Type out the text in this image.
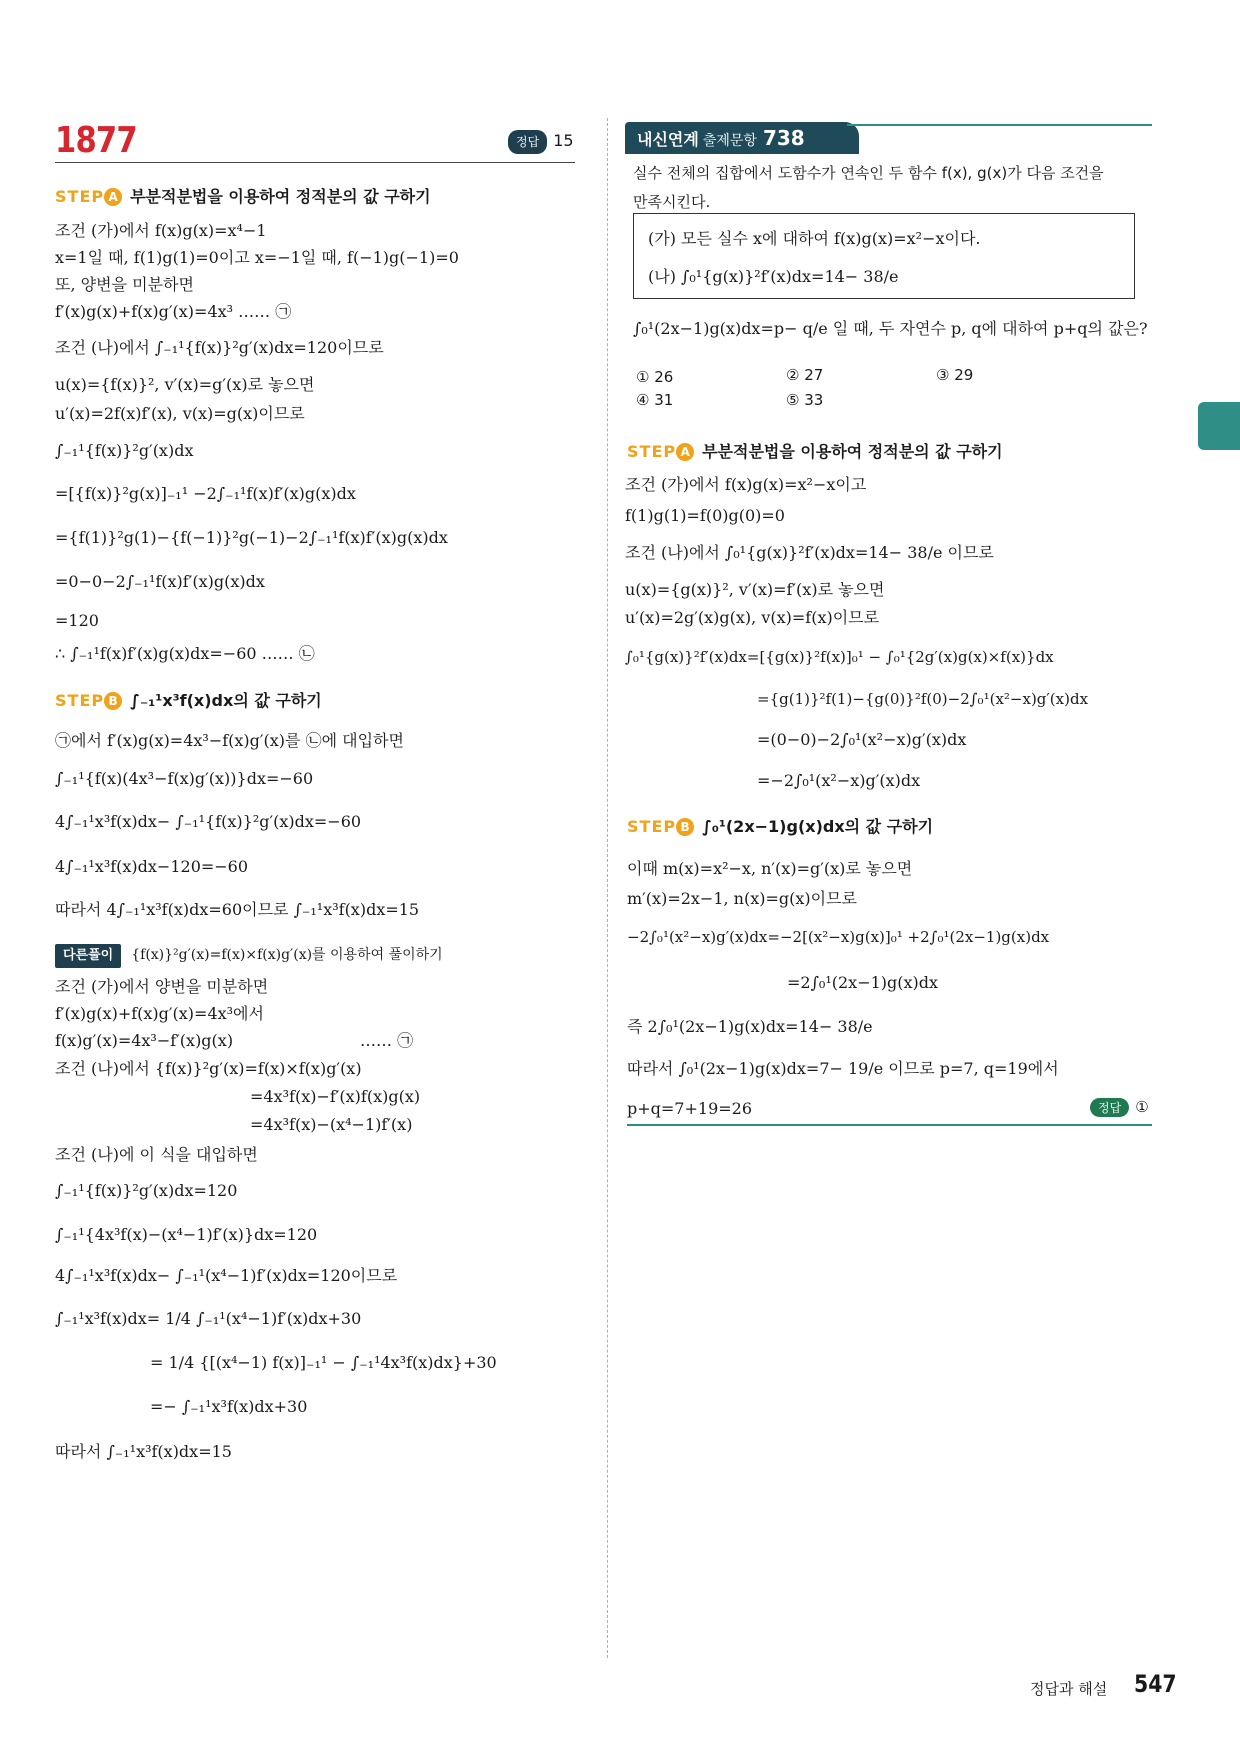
1877	정답 15
STEP A 부분적분법을 이용하여 정적분의 값 구하기
조건 (가)에서 f(x)g(x)=x⁴−1
x=1일 때, f(1)g(1)=0이고 x=−1일 때, f(−1)g(−1)=0
또, 양변을 미분하면
f′(x)g(x)+f(x)g′(x)=4x³ …… ㉠
조건 (나)에서 ∫₋₁¹{f(x)}²g′(x)dx=120이므로
u(x)={f(x)}², v′(x)=g′(x)로 놓으면
u′(x)=2f(x)f′(x), v(x)=g(x)이므로
∫₋₁¹{f(x)}²g′(x)dx
=[{f(x)}²g(x)]₋₁¹ −2∫₋₁¹f(x)f′(x)g(x)dx
={f(1)}²g(1)−{f(−1)}²g(−1)−2∫₋₁¹f(x)f′(x)g(x)dx
=0−0−2∫₋₁¹f(x)f′(x)g(x)dx
=120
∴ ∫₋₁¹f(x)f′(x)g(x)dx=−60 …… ㉡
STEP B ∫₋₁¹x³f(x)dx의 값 구하기
㉠에서 f′(x)g(x)=4x³−f(x)g′(x)를 ㉡에 대입하면
∫₋₁¹{f(x)(4x³−f(x)g′(x))}dx=−60
4∫₋₁¹x³f(x)dx− ∫₋₁¹{f(x)}²g′(x)dx=−60
4∫₋₁¹x³f(x)dx−120=−60
따라서 4∫₋₁¹x³f(x)dx=60이므로 ∫₋₁¹x³f(x)dx=15
다른풀이 {f(x)}²g′(x)=f(x)×f(x)g′(x)를 이용하여 풀이하기
조건 (가)에서 양변을 미분하면
f′(x)g(x)+f(x)g′(x)=4x³에서
f(x)g′(x)=4x³−f′(x)g(x)	…… ㉠
조건 (나)에서 {f(x)}²g′(x)=f(x)×f(x)g′(x)
=4x³f(x)−f′(x)f(x)g(x)
=4x³f(x)−(x⁴−1)f′(x)
조건 (나)에 이 식을 대입하면
∫₋₁¹{f(x)}²g′(x)dx=120
∫₋₁¹{4x³f(x)−(x⁴−1)f′(x)}dx=120
4∫₋₁¹x³f(x)dx− ∫₋₁¹(x⁴−1)f′(x)dx=120이므로
∫₋₁¹x³f(x)dx= 1/4 ∫₋₁¹(x⁴−1)f′(x)dx+30
= 1/4 {[(x⁴−1) f(x)]₋₁¹ − ∫₋₁¹4x³f(x)dx}+30
=− ∫₋₁¹x³f(x)dx+30
따라서 ∫₋₁¹x³f(x)dx=15
내신연계 출제문항 738
실수 전체의 집합에서 도함수가 연속인 두 함수 f(x), g(x)가 다음 조건을
만족시킨다.
(가) 모든 실수 x에 대하여 f(x)g(x)=x²−x이다.
(나) ∫₀¹{g(x)}²f′(x)dx=14− 38/e
∫₀¹(2x−1)g(x)dx=p− q/e 일 때, 두 자연수 p, q에 대하여 p+q의 값은?
① 26	② 27	③ 29
④ 31	⑤ 33
STEP A 부분적분법을 이용하여 정적분의 값 구하기
조건 (가)에서 f(x)g(x)=x²−x이고
f(1)g(1)=f(0)g(0)=0
조건 (나)에서 ∫₀¹{g(x)}²f′(x)dx=14− 38/e 이므로
u(x)={g(x)}², v′(x)=f′(x)로 놓으면
u′(x)=2g′(x)g(x), v(x)=f(x)이므로
∫₀¹{g(x)}²f′(x)dx=[{g(x)}²f(x)]₀¹ − ∫₀¹{2g′(x)g(x)×f(x)}dx
={g(1)}²f(1)−{g(0)}²f(0)−2∫₀¹(x²−x)g′(x)dx
=(0−0)−2∫₀¹(x²−x)g′(x)dx
=−2∫₀¹(x²−x)g′(x)dx
STEP B ∫₀¹(2x−1)g(x)dx의 값 구하기
이때 m(x)=x²−x, n′(x)=g′(x)로 놓으면
m′(x)=2x−1, n(x)=g(x)이므로
−2∫₀¹(x²−x)g′(x)dx=−2[(x²−x)g(x)]₀¹ +2∫₀¹(2x−1)g(x)dx
=2∫₀¹(2x−1)g(x)dx
즉 2∫₀¹(2x−1)g(x)dx=14− 38/e
따라서 ∫₀¹(2x−1)g(x)dx=7− 19/e 이므로 p=7, q=19에서
p+q=7+19=26	정답 ①
정답과 해설 547
